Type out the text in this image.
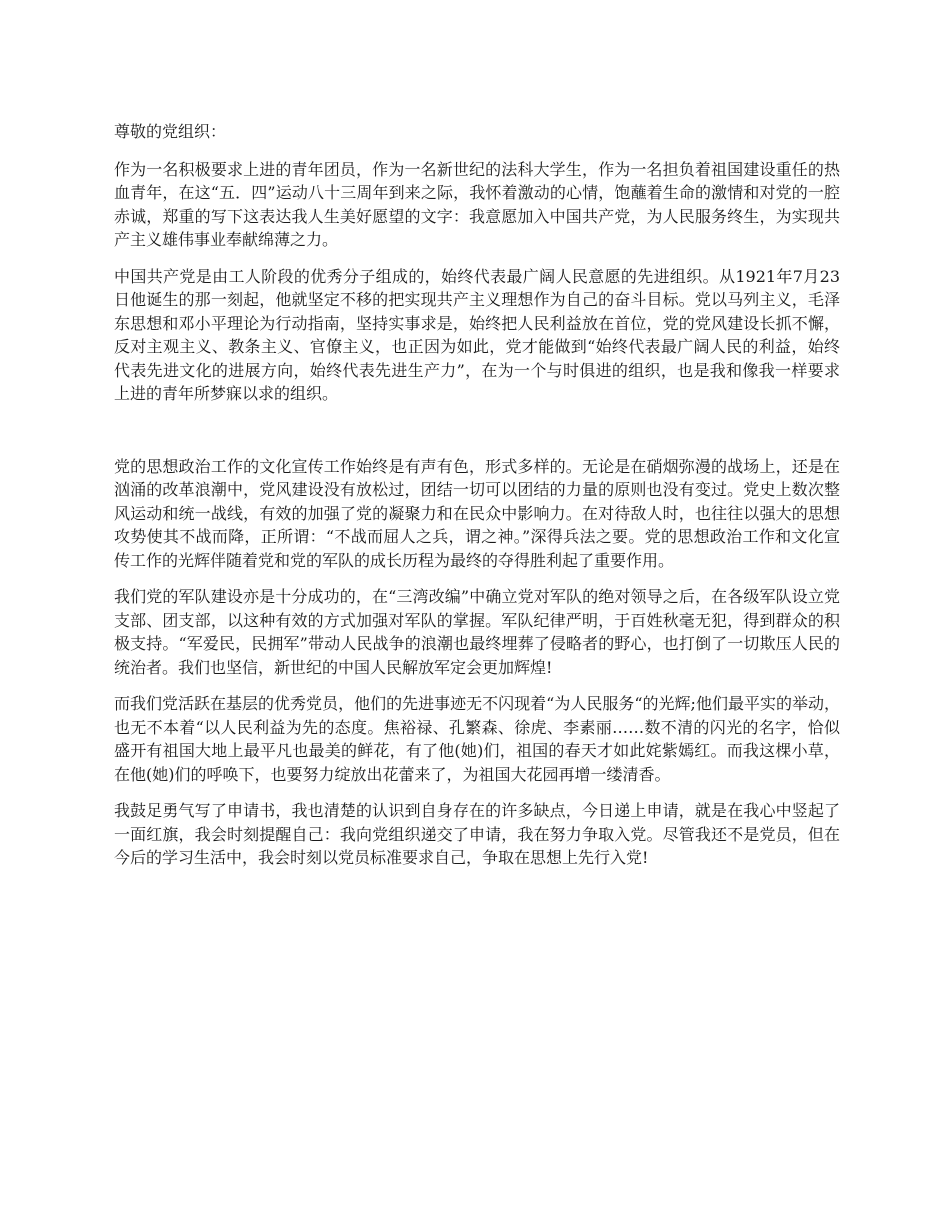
尊敬的党组织：

作为一名积极要求上进的青年团员，作为一名新世纪的法科大学生，作为一名担负着祖国建设重任的热血青年，在这“五．四”运动八十三周年到来之际，我怀着激动的心情，饱蘸着生命的激情和对党的一腔赤诚，郑重的写下这表达我人生美好愿望的文字：我意愿加入中国共产党，为人民服务终生，为实现共产主义雄伟事业奉献绵薄之力。

中国共产党是由工人阶段的优秀分子组成的，始终代表最广阔人民意愿的先进组织。从1921年7月23日他诞生的那一刻起，他就坚定不移的把实现共产主义理想作为自己的奋斗目标。党以马列主义，毛泽东思想和邓小平理论为行动指南，坚持实事求是，始终把人民利益放在首位，党的党风建设长抓不懈，反对主观主义、教条主义、官僚主义，也正因为如此，党才能做到“始终代表最广阔人民的利益，始终代表先进文化的进展方向，始终代表先进生产力”，在为一个与时俱进的组织，也是我和像我一样要求上进的青年所梦寐以求的组织。

党的思想政治工作的文化宣传工作始终是有声有色，形式多样的。无论是在硝烟弥漫的战场上，还是在汹涌的改革浪潮中，党风建设没有放松过，团结一切可以团结的力量的原则也没有变过。党史上数次整风运动和统一战线，有效的加强了党的凝聚力和在民众中影响力。在对待敌人时，也往往以强大的思想攻势使其不战而降，正所谓：“不战而屈人之兵，谓之神。”深得兵法之要。党的思想政治工作和文化宣传工作的光辉伴随着党和党的军队的成长历程为最终的夺得胜利起了重要作用。

我们党的军队建设亦是十分成功的，在“三湾改编”中确立党对军队的绝对领导之后，在各级军队设立党支部、团支部，以这种有效的方式加强对军队的掌握。军队纪律严明，于百姓秋毫无犯，得到群众的积极支持。“军爱民，民拥军”带动人民战争的浪潮也最终埋葬了侵略者的野心，也打倒了一切欺压人民的统治者。我们也坚信，新世纪的中国人民解放军定会更加辉煌!

而我们党活跃在基层的优秀党员，他们的先进事迹无不闪现着“为人民服务“的光辉;他们最平实的举动，也无不本着“以人民利益为先的态度。焦裕禄、孔繁森、徐虎、李素丽……数不清的闪光的名字，恰似盛开有祖国大地上最平凡也最美的鲜花，有了他(她)们，祖国的春天才如此姹紫嫣红。而我这棵小草，在他(她)们的呼唤下，也要努力绽放出花蕾来了，为祖国大花园再增一缕清香。

我鼓足勇气写了申请书，我也清楚的认识到自身存在的许多缺点，今日递上申请，就是在我心中竖起了一面红旗，我会时刻提醒自己：我向党组织递交了申请，我在努力争取入党。尽管我还不是党员，但在今后的学习生活中，我会时刻以党员标准要求自己，争取在思想上先行入党!
